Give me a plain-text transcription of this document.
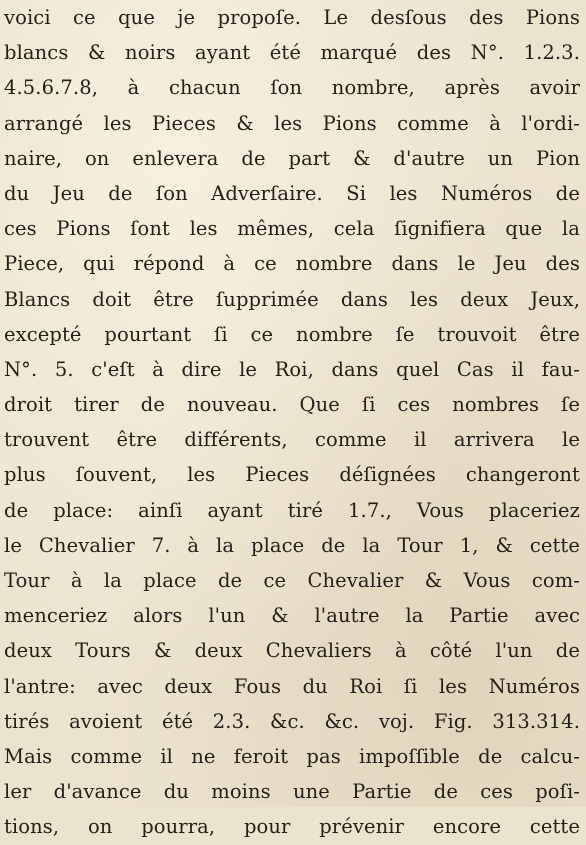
voici ce que je propoſe. Le desſous des Pions
blancs & noirs ayant été marqué des N°. 1.2.3.
4.5.6.7.8, à chacun ſon nombre, après avoir
arrangé les Pieces & les Pions comme à l'ordi-
naire, on enlevera de part & d'autre un Pion
du Jeu de ſon Adverſaire. Si les Numéros de
ces Pions ſont les mêmes, cela ſignifiera que la
Piece, qui répond à ce nombre dans le Jeu des
Blancs doit être ſupprimée dans les deux Jeux,
excepté pourtant ſi ce nombre ſe trouvoit être
N°. 5. c'eſt à dire le Roi, dans quel Cas il fau-
droit tirer de nouveau. Que ſi ces nombres ſe
trouvent être différents, comme il arrivera le
plus ſouvent, les Pieces déſignées changeront
de place: ainſi ayant tiré 1.7., Vous placeriez
le Chevalier 7. à la place de la Tour 1, & cette
Tour à la place de ce Chevalier & Vous com-
menceriez alors l'un & l'autre la Partie avec
deux Tours & deux Chevaliers à côté l'un de
l'antre: avec deux Fous du Roi ſi les Numéros
tirés avoient été 2.3. &c. &c. voj. Fig. 313.314.
Mais comme il ne feroit pas impoſſible de calcu-
ler d'avance du moins une Partie de ces poſi-
tions, on pourra, pour prévenir encore cette
